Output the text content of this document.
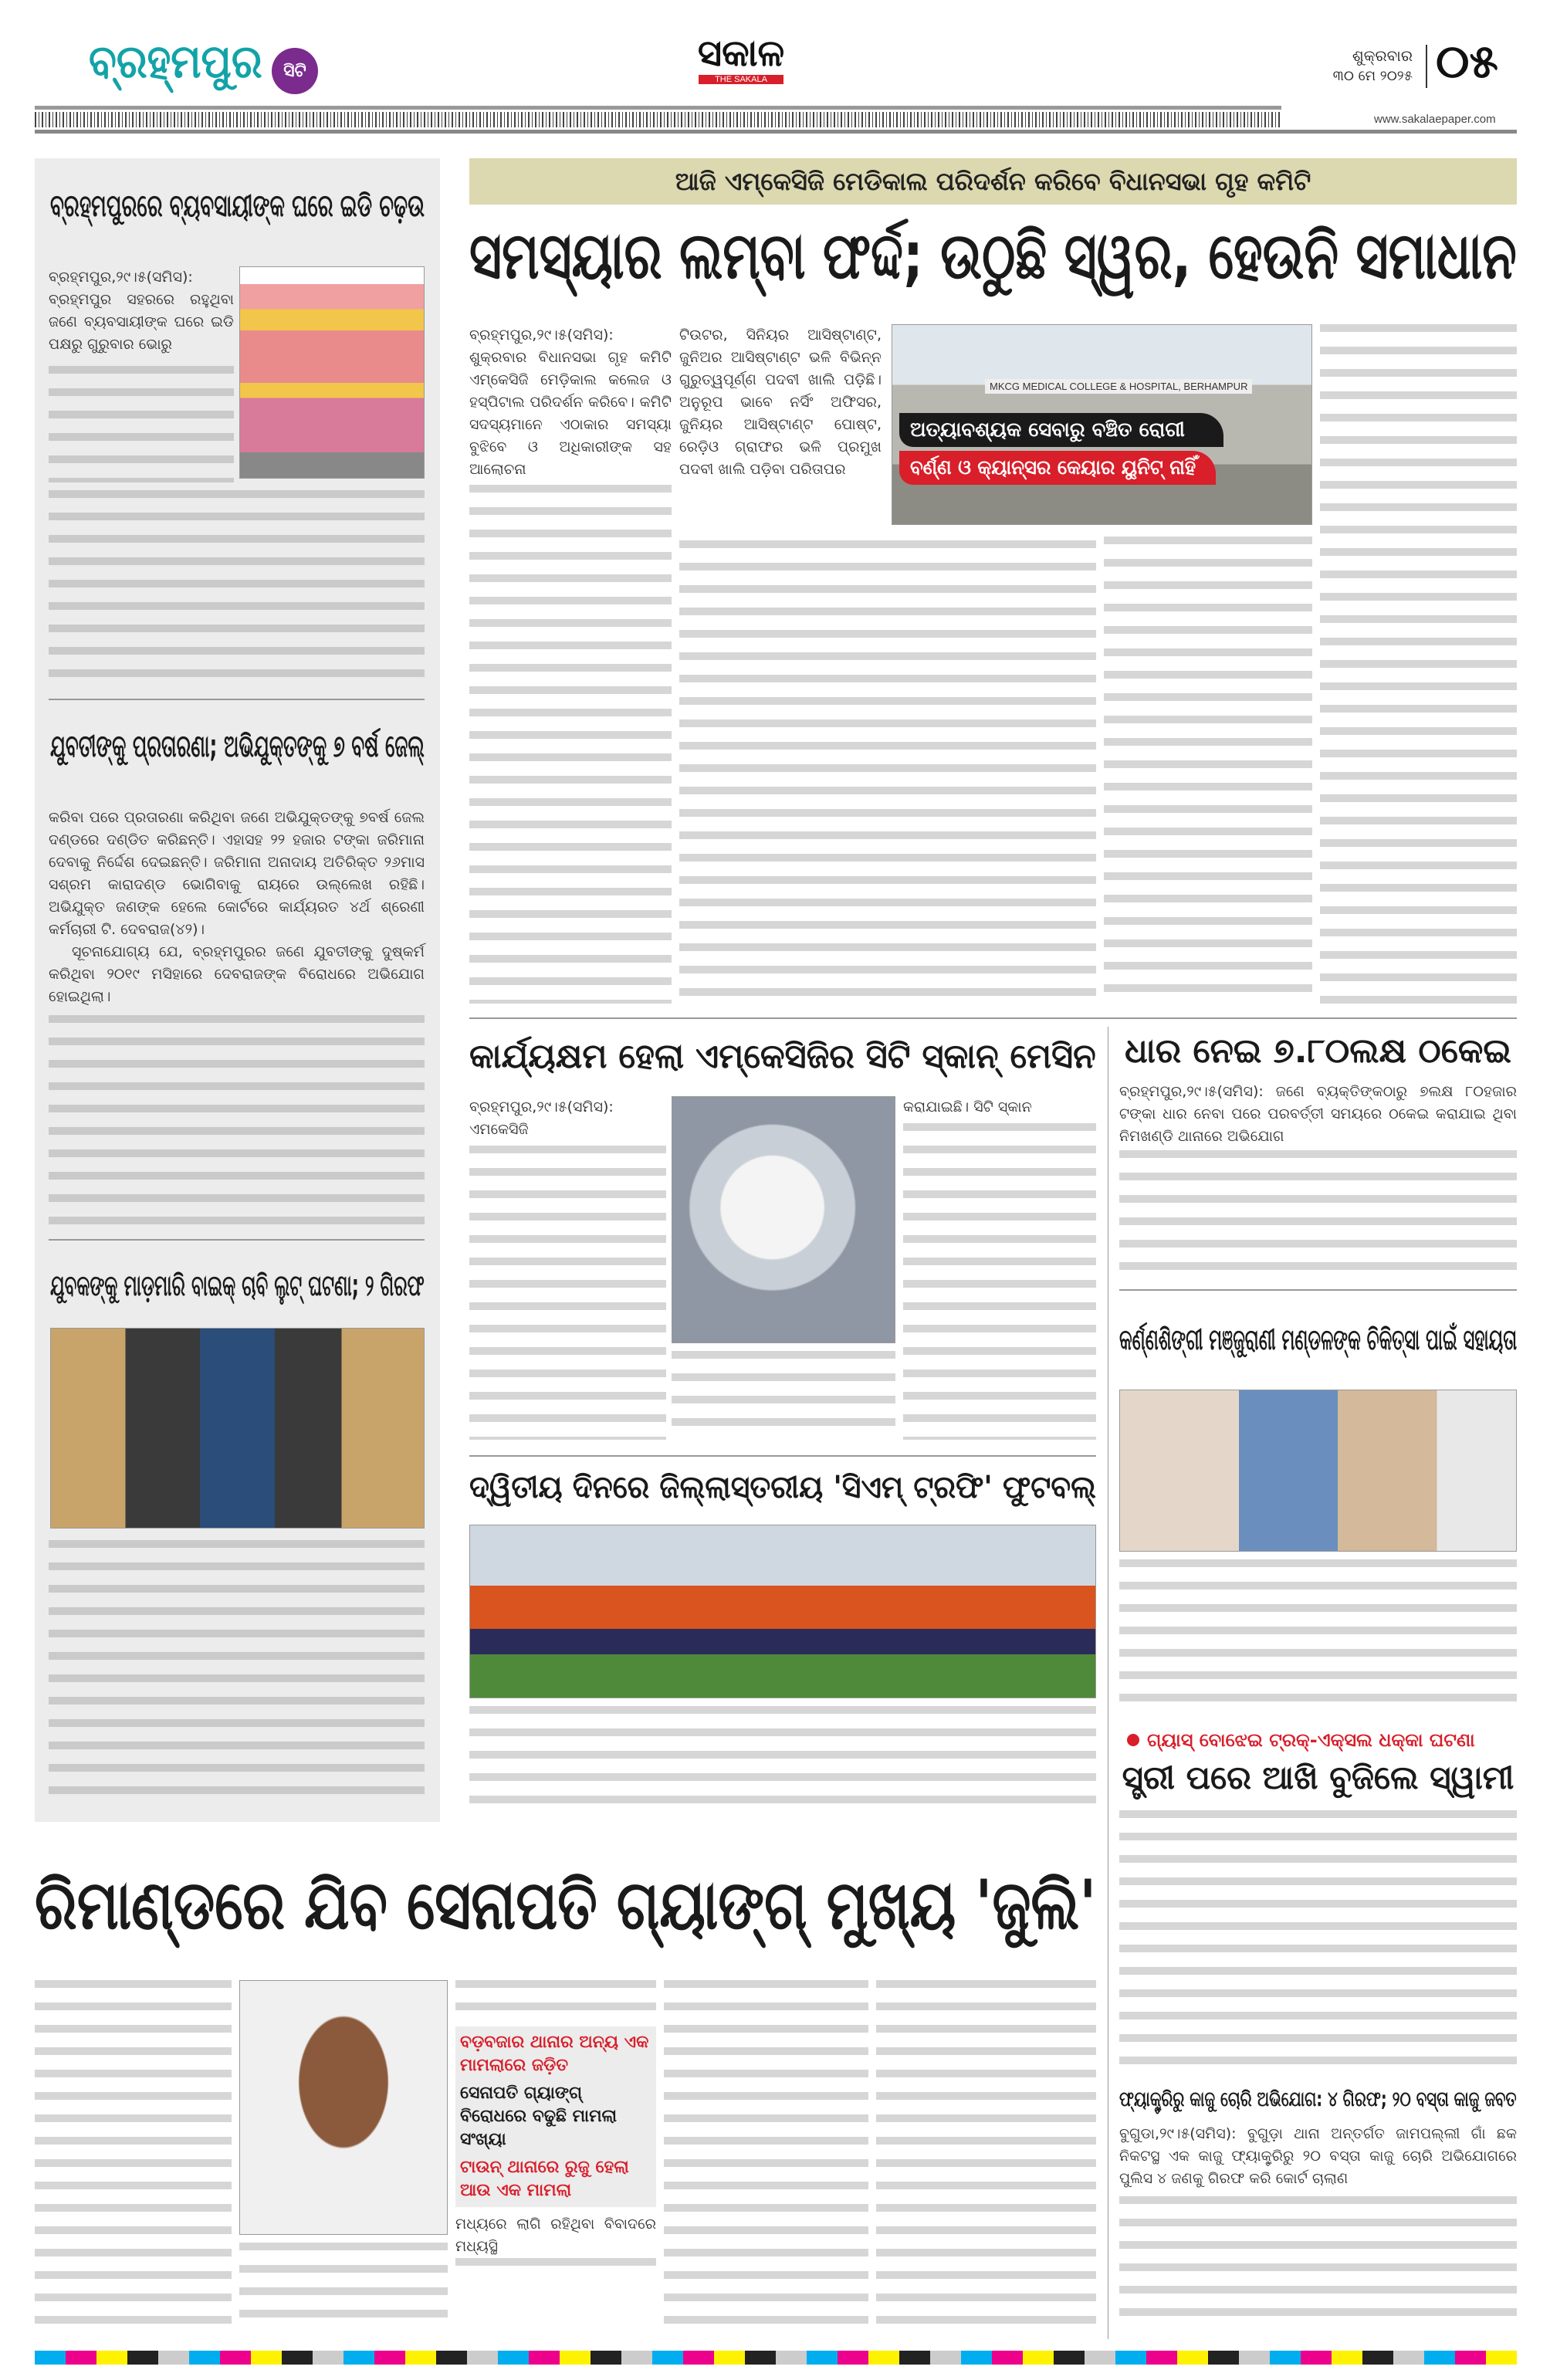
ବ୍ରହ୍ମପୁର	ସିଟି	ସକାଳ
THE SAKALA
ଶୁକ୍ରବାର
୩୦ ମେ ୨୦୨୫ ୦୫
www.sakalaepaper.com
ବ୍ରହ୍ମପୁରରେ ବ୍ୟବସାୟୀଙ୍କ ଘରେ ଇଡି ଚଢ଼ଉ
ବ୍ରହ୍ମପୁର,୨୯।୫(ସମିସ): ବ୍ରହ୍ମପୁର ସହରରେ ରହୁଥିବା ଜଣେ ବ୍ୟବସାୟୀଙ୍କ ଘରେ ଇଡି ପକ୍ଷରୁ ଗୁରୁବାର ଭୋରୁ
ଯୁବତୀଙ୍କୁ ପ୍ରତାରଣା; ଅଭିଯୁକ୍ତଙ୍କୁ ୭ ବର୍ଷ ଜେଲ୍
କରିବା ପରେ ପ୍ରତାରଣା କରିଥିବା ଜଣେ ଅଭିଯୁକ୍ତଙ୍କୁ ୭ବର୍ଷ ଜେଲ ଦଣ୍ଡରେ ଦଣ୍ଡିତ କରିଛନ୍ତି। ଏହାସହ ୨୨ ହଜାର ଟଙ୍କା ଜରିମାନା ଦେବାକୁ ନିର୍ଦ୍ଦେଶ ଦେଇଛନ୍ତି। ଜରିମାନା ଅନାଦାୟ ଅତିରିକ୍ତ ୨୬ମାସ ସଶ୍ରମ କାରାଦଣ୍ଡ ଭୋଗିବାକୁ ରାୟରେ ଉଲ୍ଲେଖ ରହିଛି। ଅଭିଯୁକ୍ତ ଜଣଙ୍କ ହେଲେ କୋର୍ଟରେ କାର୍ଯ୍ୟରତ ୪ର୍ଥ ଶ୍ରେଣୀ କର୍ମଚାରୀ ଟି. ଦେବରାଜ(୪୨)।
ସୂଚନାଯୋଗ୍ୟ ଯେ, ବ୍ରହ୍ମପୁରର ଜଣେ ଯୁବତୀଙ୍କୁ ଦୁଷ୍କର୍ମ କରିଥିବା ୨୦୧୯ ମସିହାରେ ଦେବରାଜଙ୍କ ବିରୋଧରେ ଅଭିଯୋଗ ହୋଇଥିଲା।
ଯୁବକଙ୍କୁ ମାଡ଼ମାରି ବାଇକ୍ ଚାବି ଲୁଟ୍ ଘଟଣା; ୨ ଗିରଫ
ଆଜି ଏମ୍‌କେସିଜି ମେଡିକାଲ ପରିଦର୍ଶନ କରିବେ ବିଧାନସଭା ଗୃହ କମିଟି
ସମସ୍ୟାର ଲମ୍ବା ଫର୍ଦ୍ଦ; ଉଠୁଛି ସ୍ୱର, ହେଉନି ସମାଧାନ
ବ୍ରହ୍ମପୁର,୨୯।୫(ସମିସ): ଶୁକ୍ରବାର ବିଧାନସଭା ଗୃହ କମିଟି ଏମ୍‌କେସିଜି ମେଡ଼ିକାଲ କଲେଜ ଓ ହସ୍ପିଟାଲ ପରିଦର୍ଶନ କରିବେ। କମିଟି ସଦସ୍ୟମାନେ ଏଠାକାର ସମସ୍ୟା ବୁଝିବେ ଓ ଅଧିକାରୀଙ୍କ ସହ ଆଲୋଚନା
ଟିଉଟର, ସିନିୟର ଆସିଷ୍ଟାଣ୍ଟ, ଜୁନିଅର ଆସିଷ୍ଟାଣ୍ଟ ଭଳି ବିଭିନ୍ନ ଗୁରୁତ୍ୱପୂର୍ଣ୍ଣ ପଦବୀ ଖାଲି ପଡ଼ିଛି। ଅନୁରୂପ ଭାବେ ନର୍ସିଂ ଅଫିସର, ଜୁନିୟର ଆସିଷ୍ଟାଣ୍ଟ ପୋଷ୍ଟ, ରେଡ଼ିଓ ଗ୍ରାଫର ଭଳି ପ୍ରମୁଖ ପଦବୀ ଖାଲି ପଡ଼ିବା ପରିତାପର
MKCG MEDICAL COLLEGE & HOSPITAL, BERHAMPUR
ଅତ୍ୟାବଶ୍ୟକ ସେବାରୁ ବଞ୍ଚିତ ରୋଗୀ
ବର୍ଣ୍ଣ ଓ କ୍ୟାନ୍ସର କେୟାର ୟୁନିଟ୍ ନାହିଁ
କାର୍ଯ୍ୟକ୍ଷମ ହେଲା ଏମ୍‌କେସିଜିର ସିଟି ସ୍କାନ୍ ମେସିନ
ବ୍ରହ୍ମପୁର,୨୯।୫(ସମିସ): ଏମକେସିଜି
କରାଯାଇଛି। ସିଟି ସ୍କାନ
ଦ୍ୱିତୀୟ ଦିନରେ ଜିଲ୍ଲାସ୍ତରୀୟ 'ସିଏମ୍ ଟ୍ରଫି' ଫୁଟବଲ୍
ଧାର ନେଇ ୭.୮୦ଲକ୍ଷ ଠକେଇ
ବ୍ରହ୍ମପୁର,୨୯।୫(ସମିସ): ଜଣେ ବ୍ୟକ୍ତିଙ୍କଠାରୁ ୭ଲକ୍ଷ ୮୦ହଜାର ଟଙ୍କା ଧାର ନେବା ପରେ ପରବର୍ତ୍ତୀ ସମୟରେ ଠକେଇ କରାଯାଇ ଥିବା ନିମଖଣ୍ଡି ଥାନାରେ ଅଭିଯୋଗ
କର୍ଣ୍ଣଶିଙ୍ଗୀ ମଞ୍ଜୁରାଣୀ ମଣ୍ଡଳଙ୍କ ଚିକିତ୍ସା ପାଇଁ ସହାୟତା
ଗ୍ୟାସ୍ ବୋଝେଇ ଟ୍ରକ୍-ଏକ୍ସଲ ଧକ୍କା ଘଟଣା
ସ୍ତ୍ରୀ ପରେ ଆଖି ବୁଜିଲେ ସ୍ୱାମୀ
ଫ୍ୟାକ୍ଟ୍ରିରୁ କାଜୁ ଚୋରି ଅଭିଯୋଗ: ୪ ଗିରଫ; ୨୦ ବସ୍ତା କାଜୁ ଜବତ
ବୁଗୁଡା,୨୯।୫(ସମିସ): ବୁଗୁଡ଼ା ଥାନା ଅନ୍ତର୍ଗତ ଜାମପଲ୍ଲୀ ଗାଁ ଛକ ନିକଟସ୍ଥ ଏକ କାଜୁ ଫ୍ୟାକ୍ଟ୍ରିରୁ ୨୦ ବସ୍ତା କାଜୁ ଚୋରି ଅଭିଯୋଗରେ ପୁଲିସ ୪ ଜଣକୁ ଗିରଫ କରି କୋର୍ଟ ଚାଲାଣ
ରିମାଣ୍ଡରେ ଯିବ ସେନାପତି ଗ୍ୟାଙ୍ଗ୍ ମୁଖ୍ୟ 'ଜୁଲି'
ବଡ଼ବଜାର ଥାନାର ଅନ୍ୟ ଏକ ମାମଲାରେ ଜଡ଼ିତ
ସେନାପତି ଗ୍ୟାଙ୍ଗ୍ ବିରୋଧରେ ବଢୁଛି ମାମଲା ସଂଖ୍ୟା
ଟାଉନ୍ ଥାନାରେ ରୁଜୁ ହେଲା ଆଉ ଏକ ମାମଲା
ମଧ୍ୟରେ ଲାଗି ରହିଥିବା ବିବାଦରେ ମଧ୍ୟସ୍ଥି
